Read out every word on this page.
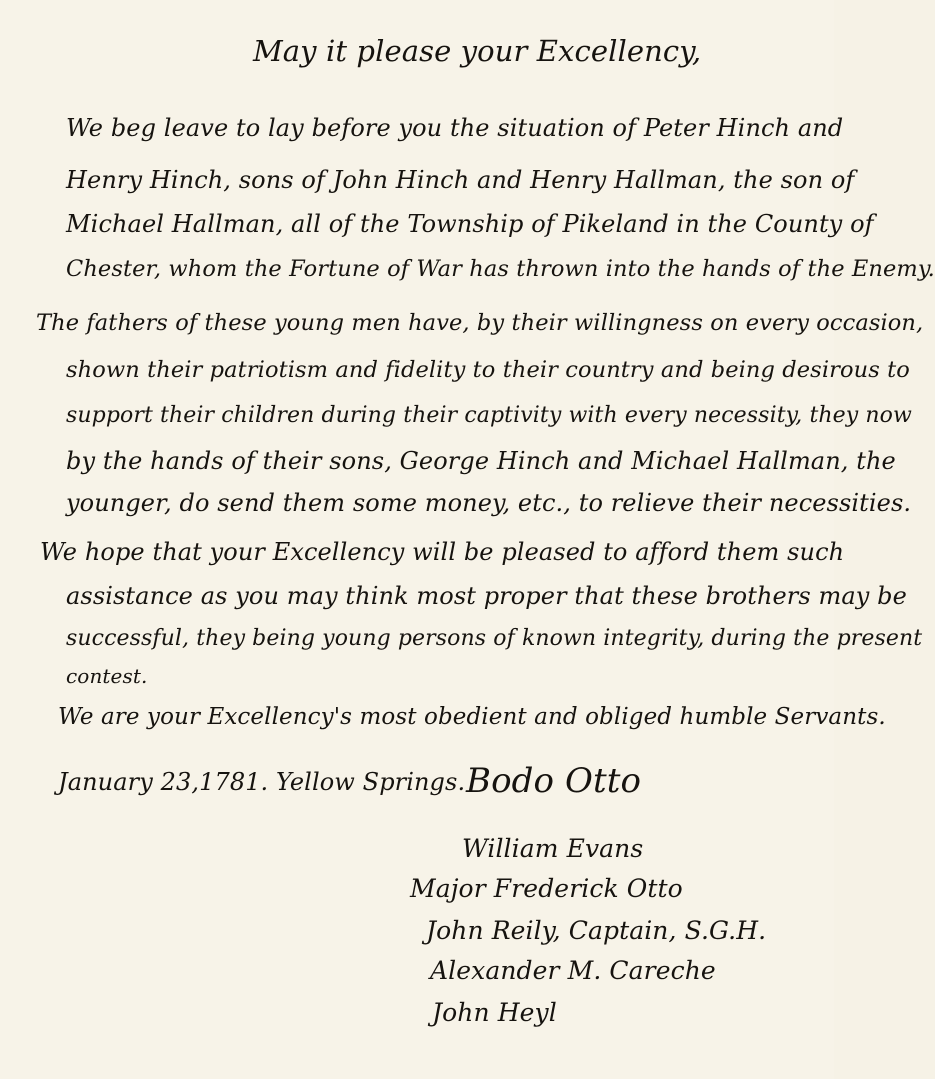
May it please your Excellency,
We beg leave to lay before you the situation of Peter Hinch and
Henry Hinch, sons of John Hinch and Henry Hallman, the son of
Michael Hallman, all of the Township of Pikeland in the County of
Chester, whom the Fortune of War has thrown into the hands of the Enemy.
The fathers of these young men have, by their willingness on every occasion,
shown their patriotism and fidelity to their country and being desirous to
support their children during their captivity with every necessity, they now
by the hands of their sons, George Hinch and Michael Hallman, the
younger, do send them some money, etc., to relieve their necessities.
We hope that your Excellency will be pleased to afford them such
assistance as you may think most proper that these brothers may be
successful, they being young persons of known integrity, during the present
contest.
We are your Excellency's most obedient and obliged humble Servants.
January 23,1781. Yellow Springs. Bodo Otto
William Evans
Major Frederick Otto
John Reily, Captain, S.G.H.
Alexander M. Careche
John Heyl
